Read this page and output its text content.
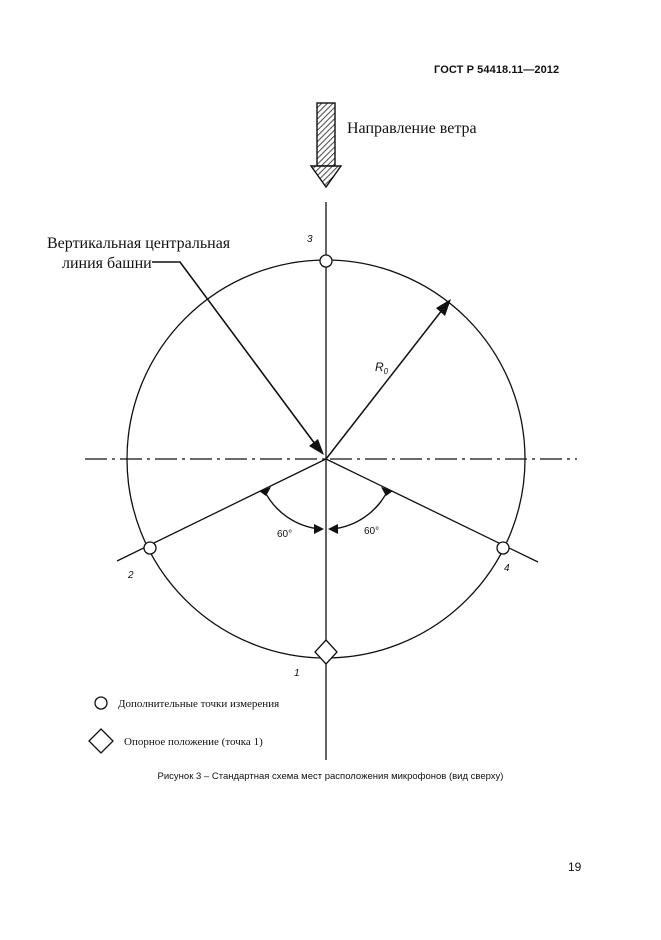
ГОСТ Р 54418.11—2012
Направление ветра
$R_0$
Вертикальная центральная
линия башни
60°	60°
3
2
4
1
Дополнительные точки измерения
Опорное положение (точка 1)
Рисунок 3 – Стандартная схема мест расположения микрофонов (вид сверху)
19
